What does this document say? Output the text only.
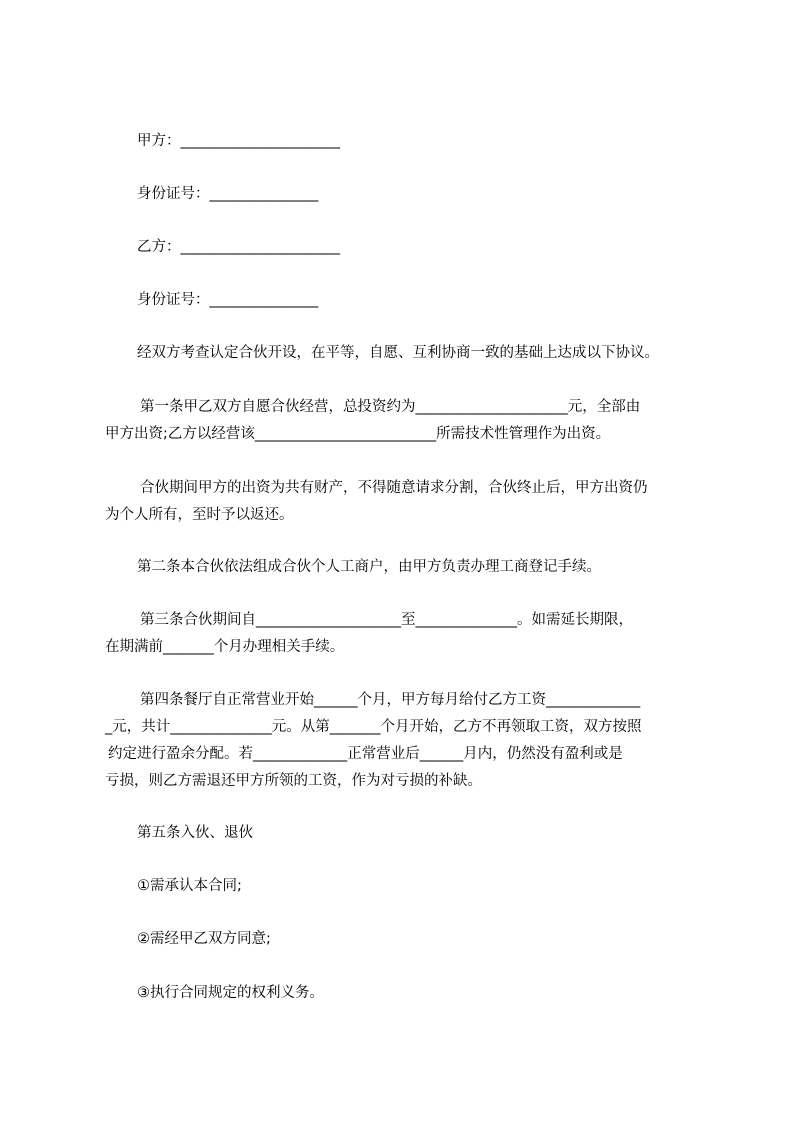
甲方：______________________

身份证号：_______________

乙方：______________________

身份证号：_______________

经双方考查认定合伙开设，在平等，自愿、互利协商一致的基础上达成以下协议。

第一条甲乙双方自愿合伙经营，总投资约为_____________________元，全部由

甲方出资;乙方以经营该_________________________所需技术性管理作为出资。

合伙期间甲方的出资为共有财产，不得随意请求分割，合伙终止后，甲方出资仍

为个人所有，至时予以返还。

第二条本合伙依法组成合伙个人工商户，由甲方负责办理工商登记手续。

第三条合伙期间自____________________至______________。如需延长期限，

在期满前_______个月办理相关手续。

第四条餐厅自正常营业开始______个月，甲方每月给付乙方工资_____________

_元，共计______________元。从第_______个月开始，乙方不再领取工资，双方按照

约定进行盈余分配。若_____________正常营业后______月内，仍然没有盈利或是

亏损，则乙方需退还甲方所领的工资，作为对亏损的补缺。

第五条入伙、退伙

①需承认本合同;

②需经甲乙双方同意;

③执行合同规定的权利义务。
